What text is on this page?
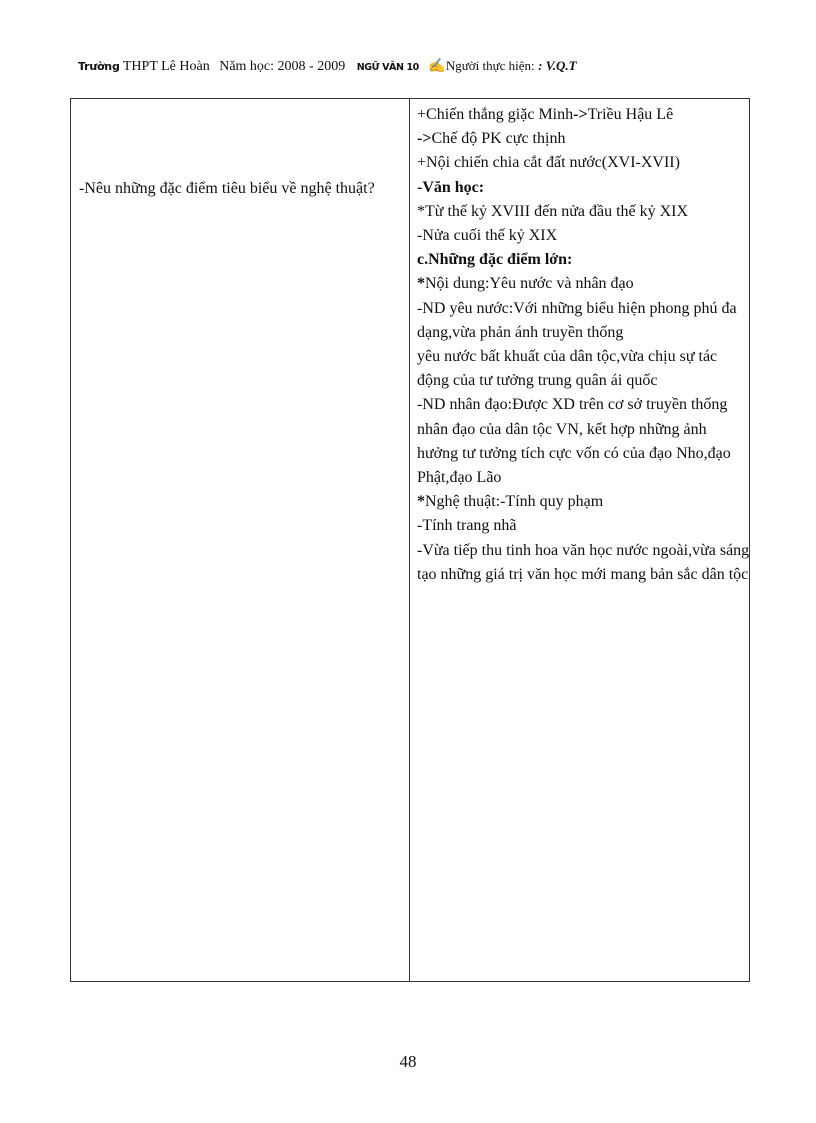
Trường THPT Lê Hoàn Năm học: 2008 - 2009 NGỮ VĂN 10 ✍Người thực hiện: : V.Q.T
-Nêu những đặc điểm tiêu biểu về nghệ thuật?
+Chiến thắng giặc Minh->Triều Hậu Lê
->Chế độ PK cực thịnh
+Nội chiến chia cắt đất nước(XVI-XVII)
-Văn học:
*Từ thế kỷ XVIII đến nửa đầu thế kỷ XIX
-Nửa cuối thế kỷ XIX
c.Những đặc điểm lớn:
*Nội dung:Yêu nước và nhân đạo
-ND yêu nước:Với những biểu hiện phong phú đa dạng,vừa phản ánh truyền thống
yêu nước bất khuất của dân tộc,vừa chịu sự tác động của tư tưởng trung quân ái quốc
-ND nhân đạo:Được XD trên cơ sở truyền thống nhân đạo của dân tộc VN, kết hợp những ảnh hưởng tư tưởng tích cực vốn có của đạo Nho,đạo Phật,đạo Lão
*Nghệ thuật:-Tính quy phạm
-Tính trang nhã
-Vừa tiếp thu tinh hoa văn học nước ngoài,vừa sáng tạo những giá trị văn học mới mang bản sắc dân tộc
48
